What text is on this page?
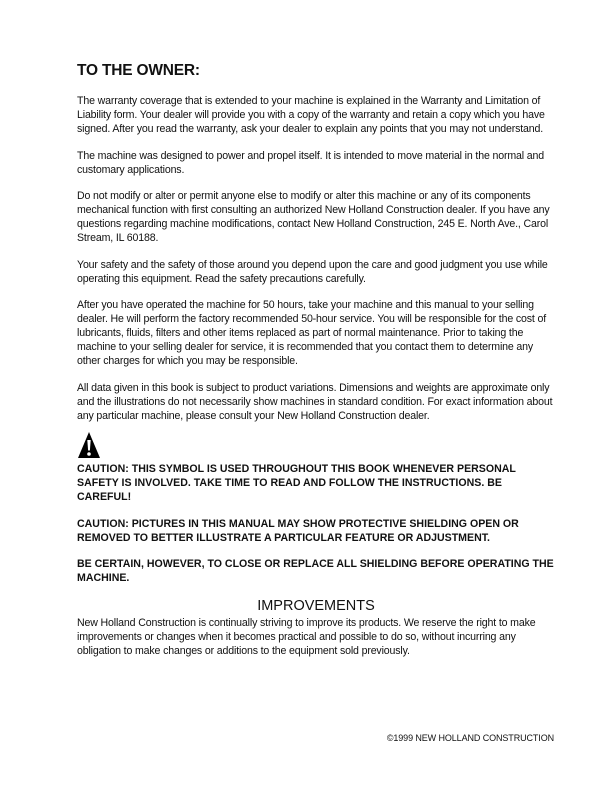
TO THE OWNER:

The warranty coverage that is extended to your machine is explained in the Warranty and Limitation of Liability form. Your dealer will provide you with a copy of the warranty and retain a copy which you have signed. After you read the warranty, ask your dealer to explain any points that you may not understand.

The machine was designed to power and propel itself. It is intended to move material in the normal and customary applications.

Do not modify or alter or permit anyone else to modify or alter this machine or any of its components mechanical function with first consulting an authorized New Holland Construction dealer. If you have any questions regarding machine modifications, contact New Holland Construction, 245 E. North Ave., Carol Stream, IL 60188.

Your safety and the safety of those around you depend upon the care and good judgment you use while operating this equipment. Read the safety precautions carefully.

After you have operated the machine for 50 hours, take your machine and this manual to your selling dealer. He will perform the factory recommended 50-hour service. You will be responsible for the cost of lubricants, fluids, filters and other items replaced as part of normal maintenance. Prior to taking the machine to your selling dealer for service, it is recommended that you contact them to determine any other charges for which you may be responsible.

All data given in this book is subject to product variations. Dimensions and weights are approximate only and the illustrations do not necessarily show machines in standard condition. For exact information about any particular machine, please consult your New Holland Construction dealer.

CAUTION: THIS SYMBOL IS USED THROUGHOUT THIS BOOK WHENEVER PERSONAL SAFETY IS INVOLVED. TAKE TIME TO READ AND FOLLOW THE INSTRUCTIONS. BE CAREFUL!

CAUTION: PICTURES IN THIS MANUAL MAY SHOW PROTECTIVE SHIELDING OPEN OR REMOVED TO BETTER ILLUSTRATE A PARTICULAR FEATURE OR ADJUSTMENT.

BE CERTAIN, HOWEVER, TO CLOSE OR REPLACE ALL SHIELDING BEFORE OPERATING THE MACHINE.

IMPROVEMENTS

New Holland Construction is continually striving to improve its products. We reserve the right to make improvements or changes when it becomes practical and possible to do so, without incurring any obligation to make changes or additions to the equipment sold previously.

©1999 NEW HOLLAND CONSTRUCTION
